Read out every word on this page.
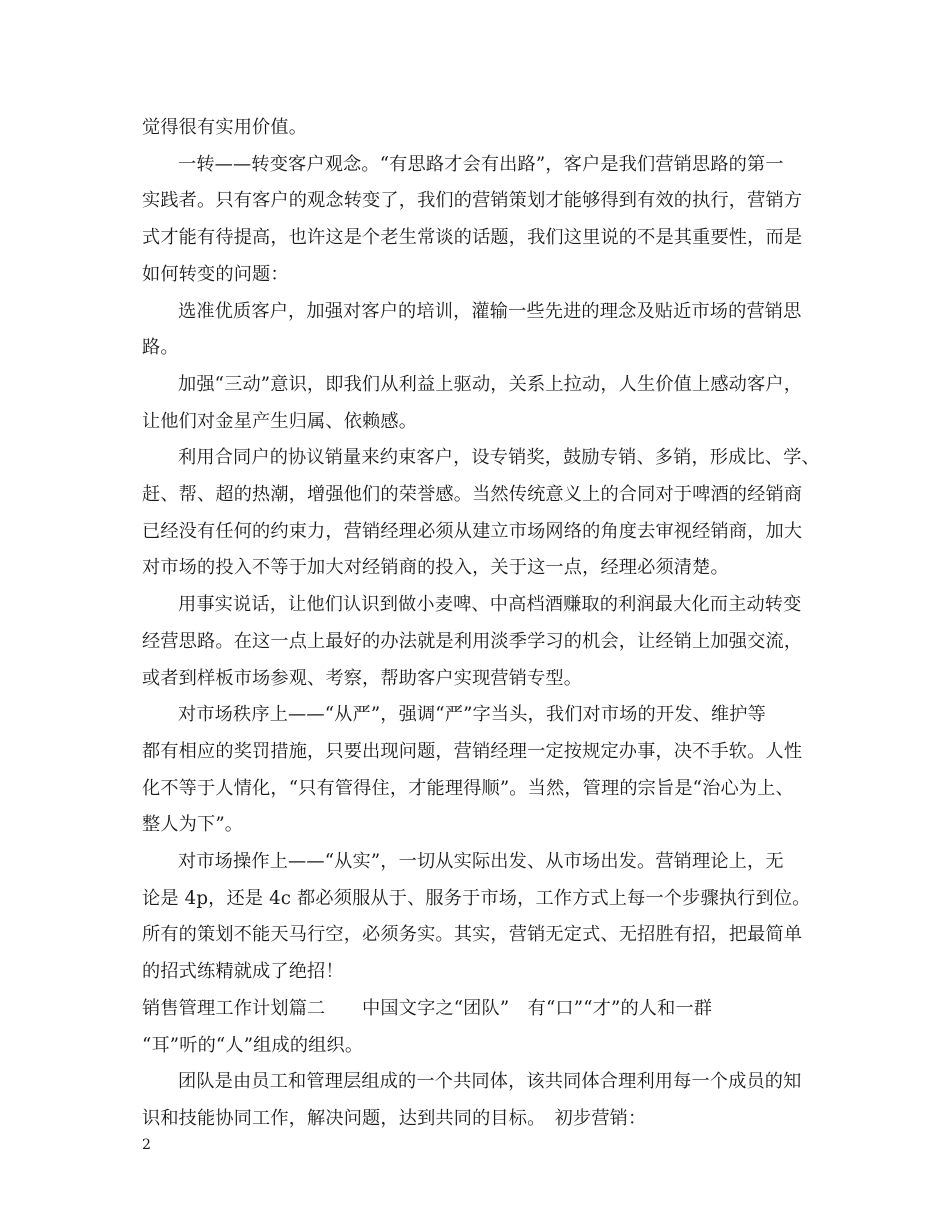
觉得很有实用价值。
一转——转变客户观念。“有思路才会有出路”，客户是我们营销思路的第一
实践者。只有客户的观念转变了，我们的营销策划才能够得到有效的执行，营销方
式才能有待提高，也许这是个老生常谈的话题，我们这里说的不是其重要性，而是
如何转变的问题：
选准优质客户，加强对客户的培训，灌输一些先进的理念及贴近市场的营销思
路。
加强“三动”意识，即我们从利益上驱动，关系上拉动，人生价值上感动客户，
让他们对金星产生归属、依赖感。
利用合同户的协议销量来约束客户，设专销奖，鼓励专销、多销，形成比、学、
赶、帮、超的热潮，增强他们的荣誉感。当然传统意义上的合同对于啤酒的经销商
已经没有任何的约束力，营销经理必须从建立市场网络的角度去审视经销商，加大
对市场的投入不等于加大对经销商的投入，关于这一点，经理必须清楚。
用事实说话，让他们认识到做小麦啤、中高档酒赚取的利润最大化而主动转变
经营思路。在这一点上最好的办法就是利用淡季学习的机会，让经销上加强交流，
或者到样板市场参观、考察，帮助客户实现营销专型。
对市场秩序上——“从严”，强调“严”字当头，我们对市场的开发、维护等
都有相应的奖罚措施，只要出现问题，营销经理一定按规定办事，决不手软。人性
化不等于人情化，“只有管得住，才能理得顺”。当然，管理的宗旨是“治心为上、
整人为下”。
对市场操作上——“从实”，一切从实际出发、从市场出发。营销理论上，无
论是 4p，还是 4c 都必须服从于、服务于市场，工作方式上每一个步骤执行到位。
所有的策划不能天马行空，必须务实。其实，营销无定式、无招胜有招，把最简单
的招式练精就成了绝招！
销售管理工作计划篇二　　中国文字之“团队”　有“口”“才”的人和一群
“耳”听的“人”组成的组织。
团队是由员工和管理层组成的一个共同体，该共同体合理利用每一个成员的知
识和技能协同工作，解决问题，达到共同的目标。　初步营销：
2
